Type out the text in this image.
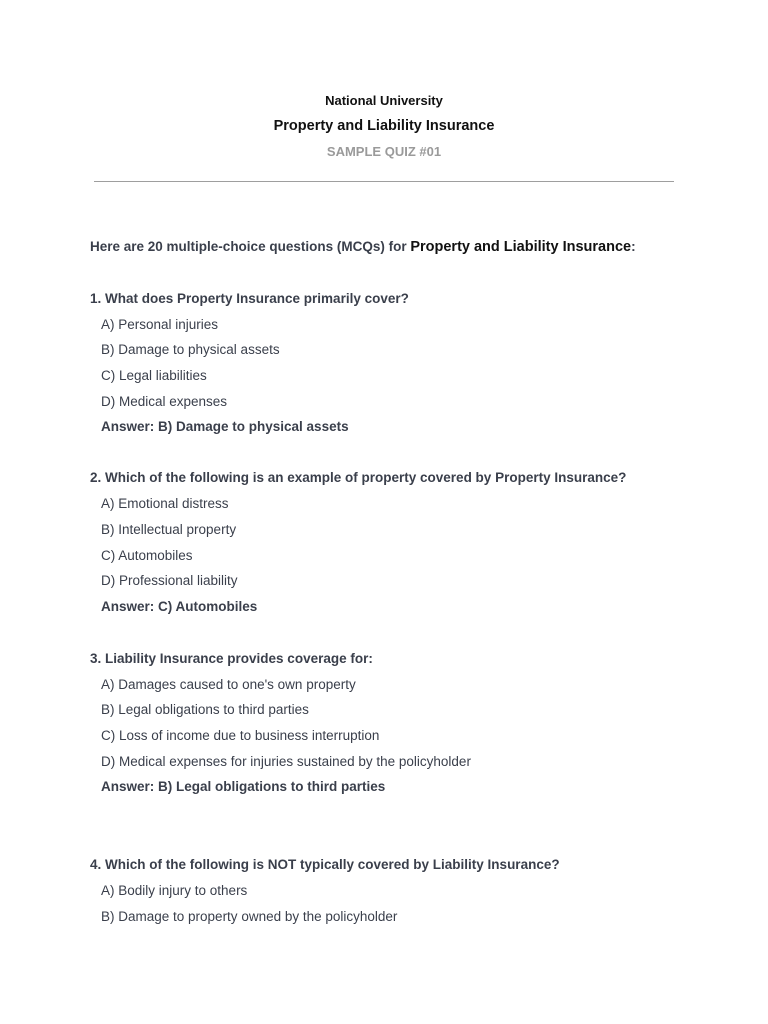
National University
Property and Liability Insurance
SAMPLE QUIZ #01
Here are 20 multiple-choice questions (MCQs) for Property and Liability Insurance:
1. What does Property Insurance primarily cover?
A) Personal injuries
B) Damage to physical assets
C) Legal liabilities
D) Medical expenses
Answer: B) Damage to physical assets
2. Which of the following is an example of property covered by Property Insurance?
A) Emotional distress
B) Intellectual property
C) Automobiles
D) Professional liability
Answer: C) Automobiles
3. Liability Insurance provides coverage for:
A) Damages caused to one's own property
B) Legal obligations to third parties
C) Loss of income due to business interruption
D) Medical expenses for injuries sustained by the policyholder
Answer: B) Legal obligations to third parties
4. Which of the following is NOT typically covered by Liability Insurance?
A) Bodily injury to others
B) Damage to property owned by the policyholder
